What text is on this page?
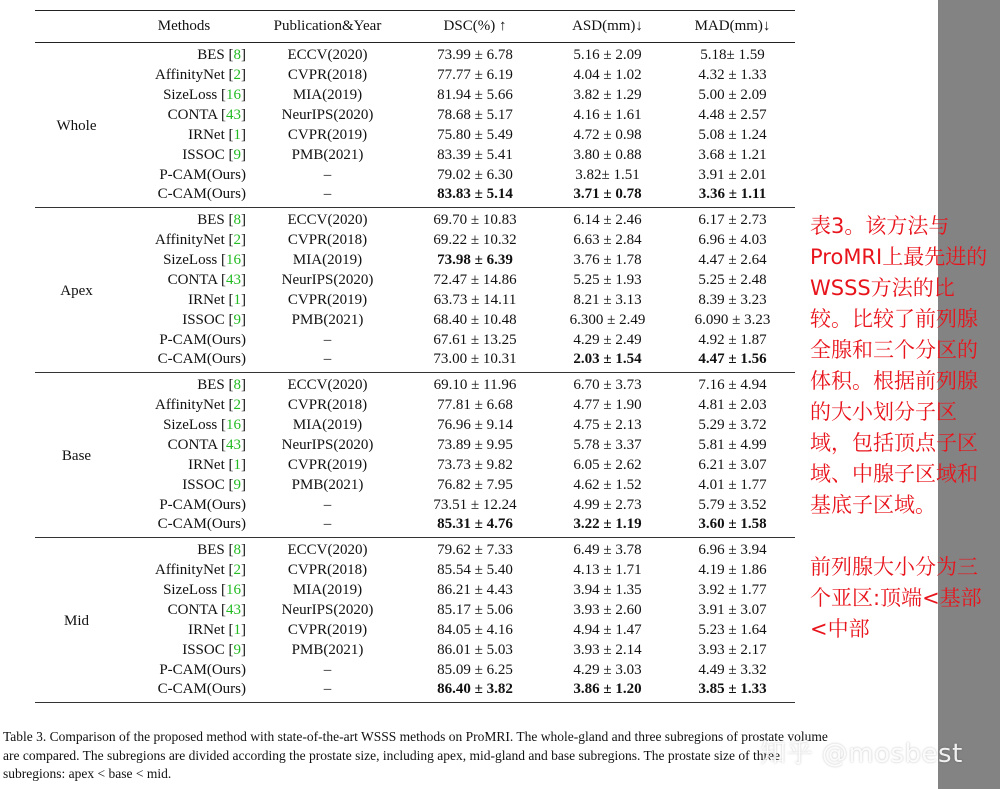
	Methods	Publication&Year	DSC(%) ↑	ASD(mm)↓	MAD(mm)↓
Whole	BES [8]	ECCV(2020)	73.99 ± 6.78	5.16 ± 2.09	5.18± 1.59
	AffinityNet [2]	CVPR(2018)	77.77 ± 6.19	4.04 ± 1.02	4.32 ± 1.33
	SizeLoss [16]	MIA(2019)	81.94 ± 5.66	3.82 ± 1.29	5.00 ± 2.09
	CONTA [43]	NeurIPS(2020)	78.68 ± 5.17	4.16 ± 1.61	4.48 ± 2.57
	IRNet [1]	CVPR(2019)	75.80 ± 5.49	4.72 ± 0.98	5.08 ± 1.24
	ISSOC [9]	PMB(2021)	83.39 ± 5.41	3.80 ± 0.88	3.68 ± 1.21
	P-CAM(Ours)	–	79.02 ± 6.30	3.82± 1.51	3.91 ± 2.01
	C-CAM(Ours)	–	83.83 ± 5.14	3.71 ± 0.78	3.36 ± 1.11
Apex	BES [8]	ECCV(2020)	69.70 ± 10.83	6.14 ± 2.46	6.17 ± 2.73
	AffinityNet [2]	CVPR(2018)	69.22 ± 10.32	6.63 ± 2.84	6.96 ± 4.03
	SizeLoss [16]	MIA(2019)	73.98 ± 6.39	3.76 ± 1.78	4.47 ± 2.64
	CONTA [43]	NeurIPS(2020)	72.47 ± 14.86	5.25 ± 1.93	5.25 ± 2.48
	IRNet [1]	CVPR(2019)	63.73 ± 14.11	8.21 ± 3.13	8.39 ± 3.23
	ISSOC [9]	PMB(2021)	68.40 ± 10.48	6.300 ± 2.49	6.090 ± 3.23
	P-CAM(Ours)	–	67.61 ± 13.25	4.29 ± 2.49	4.92 ± 1.87
	C-CAM(Ours)	–	73.00 ± 10.31	2.03 ± 1.54	4.47 ± 1.56
Base	BES [8]	ECCV(2020)	69.10 ± 11.96	6.70 ± 3.73	7.16 ± 4.94
	AffinityNet [2]	CVPR(2018)	77.81 ± 6.68	4.77 ± 1.90	4.81 ± 2.03
	SizeLoss [16]	MIA(2019)	76.96 ± 9.14	4.75 ± 2.13	5.29 ± 3.72
	CONTA [43]	NeurIPS(2020)	73.89 ± 9.95	5.78 ± 3.37	5.81 ± 4.99
	IRNet [1]	CVPR(2019)	73.73 ± 9.82	6.05 ± 2.62	6.21 ± 3.07
	ISSOC [9]	PMB(2021)	76.82 ± 7.95	4.62 ± 1.52	4.01 ± 1.77
	P-CAM(Ours)	–	73.51 ± 12.24	4.99 ± 2.73	5.79 ± 3.52
	C-CAM(Ours)	–	85.31 ± 4.76	3.22 ± 1.19	3.60 ± 1.58
Mid	BES [8]	ECCV(2020)	79.62 ± 7.33	6.49 ± 3.78	6.96 ± 3.94
	AffinityNet [2]	CVPR(2018)	85.54 ± 5.40	4.13 ± 1.71	4.19 ± 1.86
	SizeLoss [16]	MIA(2019)	86.21 ± 4.43	3.94 ± 1.35	3.92 ± 1.77
	CONTA [43]	NeurIPS(2020)	85.17 ± 5.06	3.93 ± 2.60	3.91 ± 3.07
	IRNet [1]	CVPR(2019)	84.05 ± 4.16	4.94 ± 1.47	5.23 ± 1.64
	ISSOC [9]	PMB(2021)	86.01 ± 5.03	3.93 ± 2.14	3.93 ± 2.17
	P-CAM(Ours)	–	85.09 ± 6.25	4.29 ± 3.03	4.49 ± 3.32
	C-CAM(Ours)	–	86.40 ± 3.82	3.86 ± 1.20	3.85 ± 1.33
表3。该方法与ProMRI上最先进的WSSS方法的比较。比较了前列腺全腺和三个分区的体积。根据前列腺的大小划分子区域，包括顶点子区域、中腺子区域和基底子区域。
前列腺大小分为三个亚区:顶端<基部<中部
Table 3. Comparison of the proposed method with state-of-the-art WSSS methods on ProMRI. The whole-gland and three subregions of prostate volume are compared. The subregions are divided according the prostate size, including apex, mid-gland and base subregions. The prostate size of three subregions: apex < base < mid.
知乎 @mosbest
